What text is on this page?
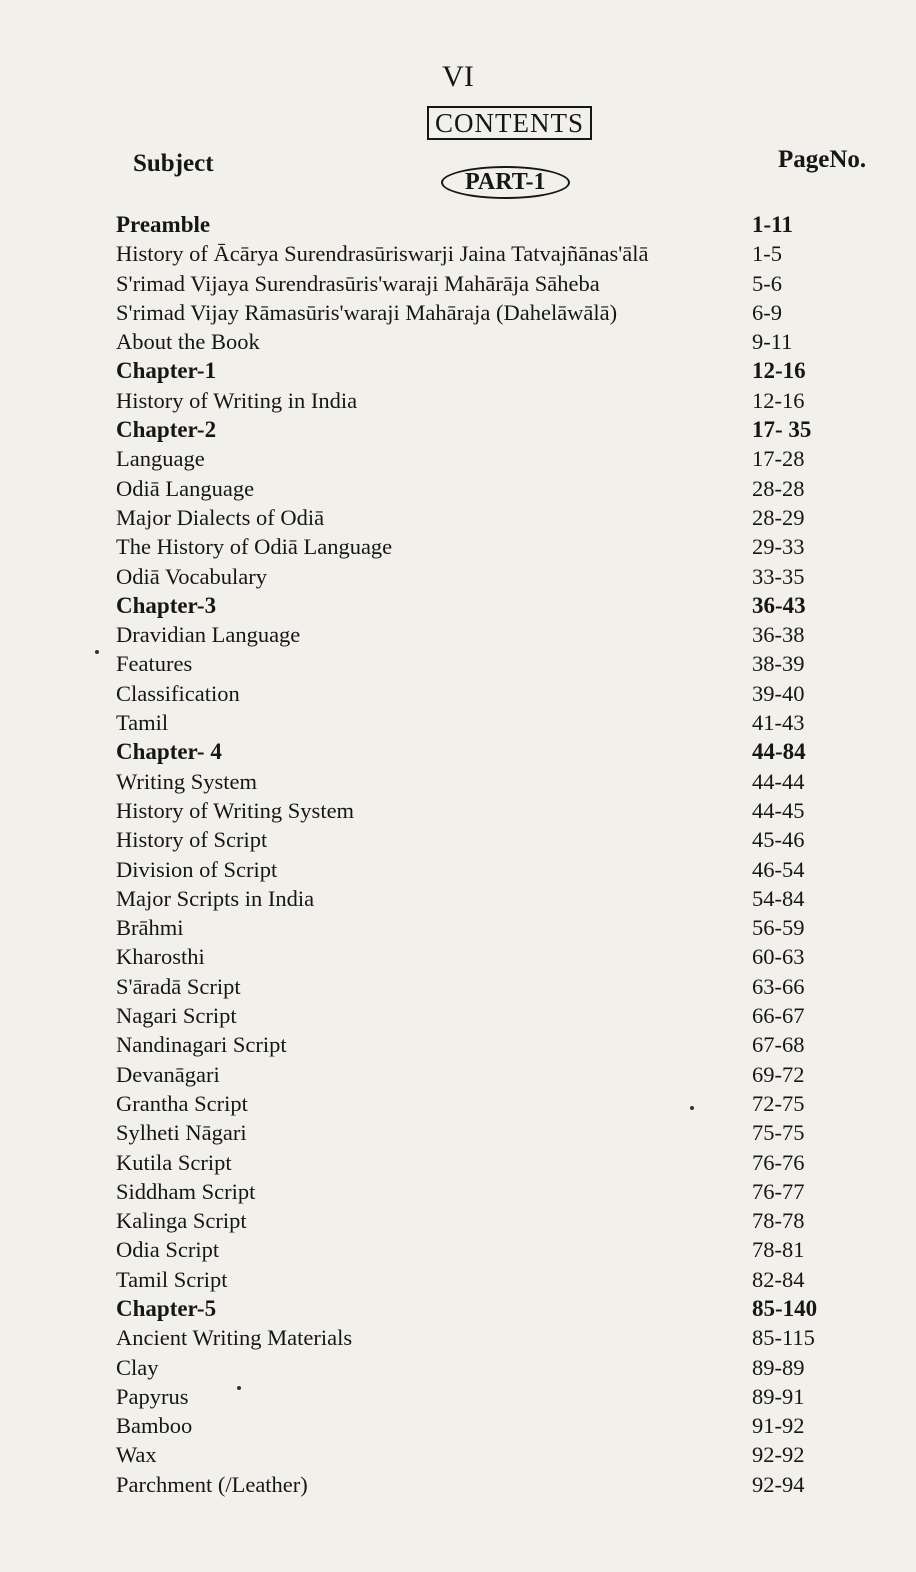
VI
CONTENTS
Subject	PageNo.
PART-1
Preamble	1-11
History of Ācārya Surendrasūriswarji Jaina Tatvajñānas'ālā	1-5
S'rimad Vijaya Surendrasūris'waraji Mahārāja Sāheba	5-6
S'rimad Vijay Rāmasūris'waraji Mahāraja (Dahelāwālā)	6-9
About the Book	9-11
Chapter-1	12-16
History of Writing in India	12-16
Chapter-2	17- 35
Language	17-28
Odiā Language	28-28
Major Dialects of Odiā	28-29
The History of Odiā Language	29-33
Odiā Vocabulary	33-35
Chapter-3	36-43
Dravidian Language	36-38
Features	38-39
Classification	39-40
Tamil	41-43
Chapter- 4	44-84
Writing System	44-44
History of Writing System	44-45
History of Script	45-46
Division of Script	46-54
Major Scripts in India	54-84
Brāhmi	56-59
Kharosthi	60-63
S'āradā Script	63-66
Nagari Script	66-67
Nandinagari Script	67-68
Devanāgari	69-72
Grantha Script	72-75
Sylheti Nāgari	75-75
Kutila Script	76-76
Siddham Script	76-77
Kalinga Script	78-78
Odia Script	78-81
Tamil Script	82-84
Chapter-5	85-140
Ancient Writing Materials	85-115
Clay	89-89
Papyrus	89-91
Bamboo	91-92
Wax	92-92
Parchment (/Leather)	92-94
